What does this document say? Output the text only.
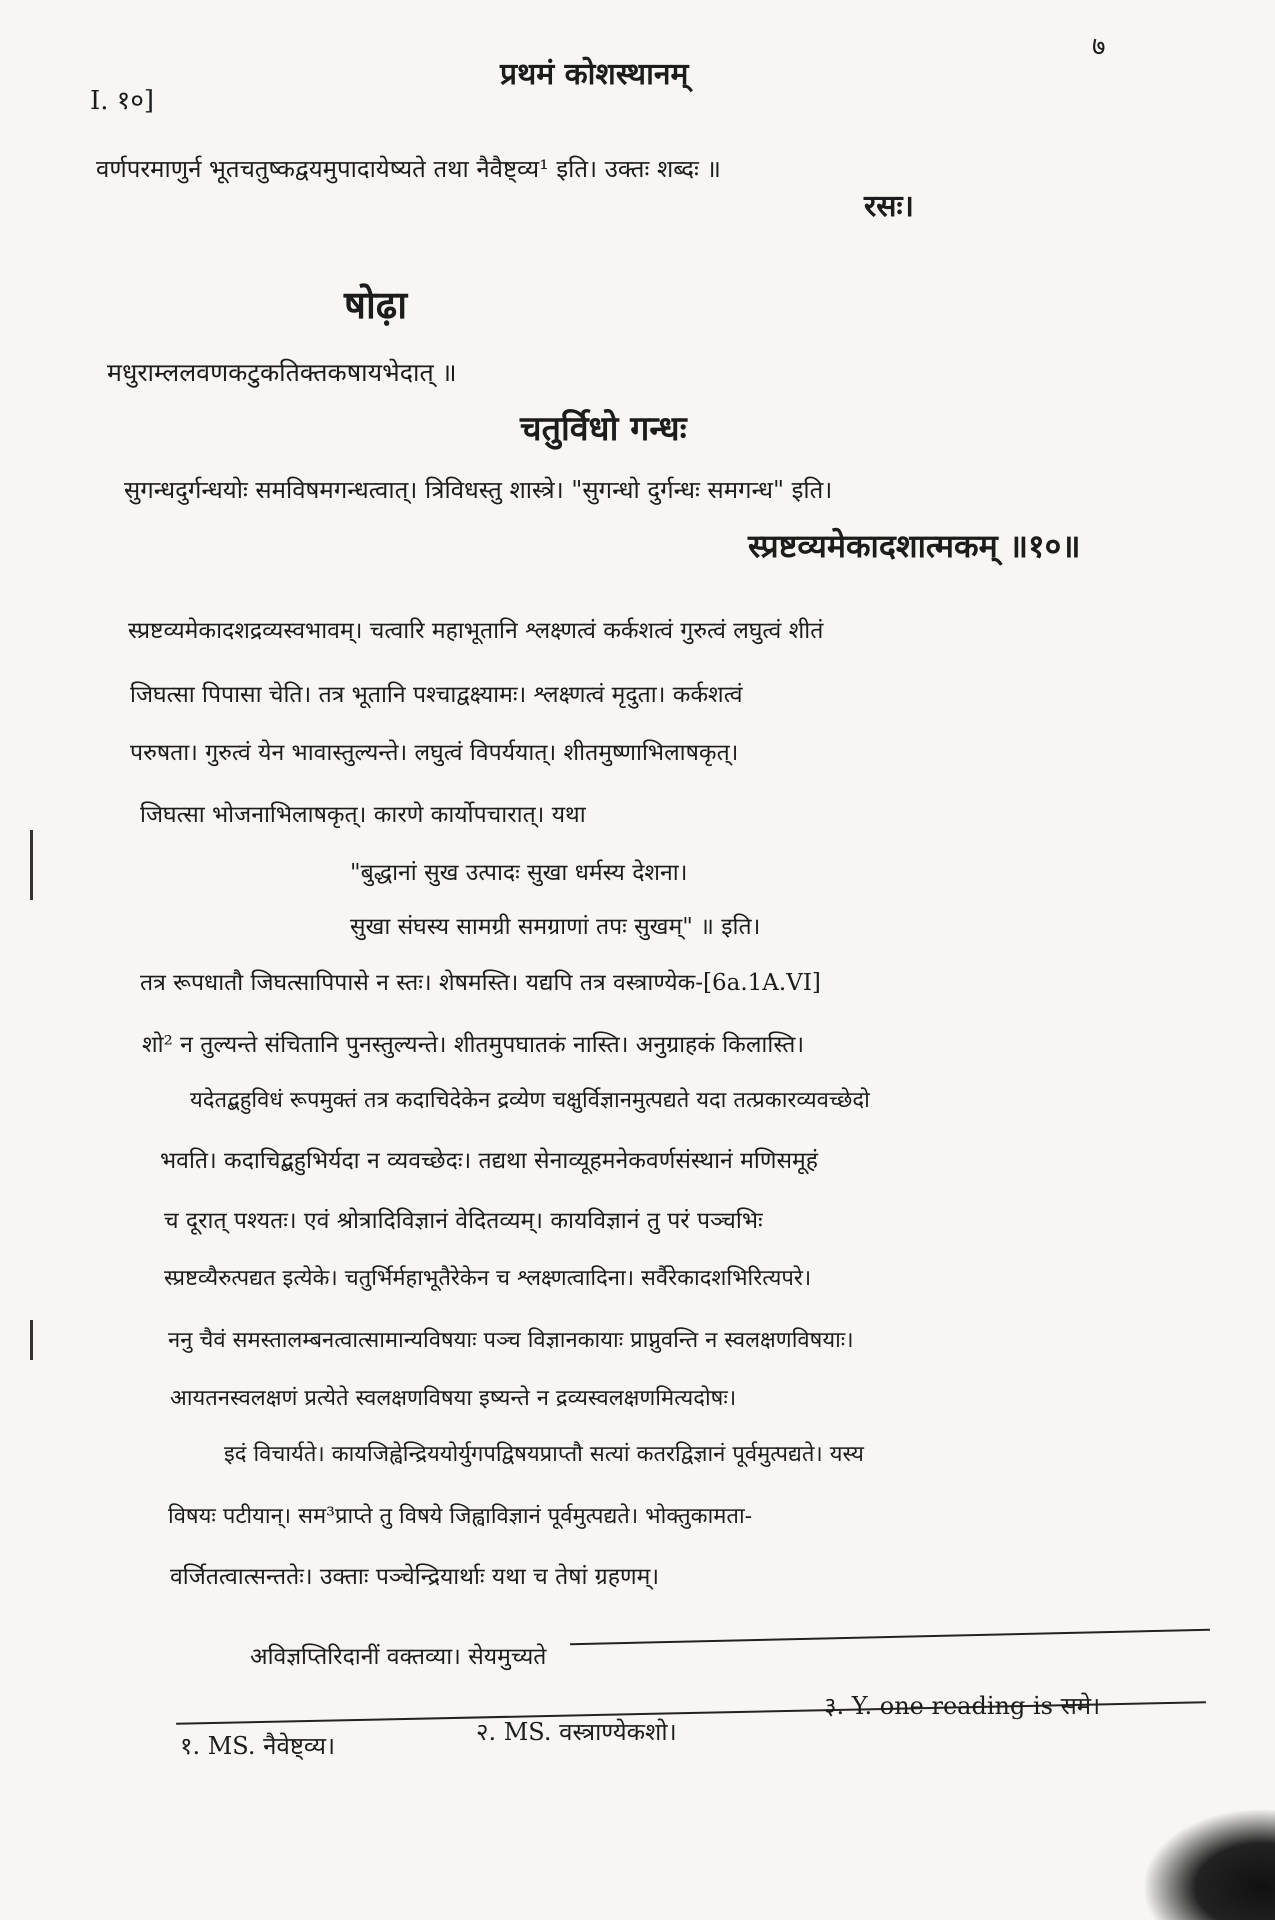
७
प्रथमं कोशस्थानम्
I. १०]
वर्णपरमाणुर्न भूतचतुष्कद्वयमुपादायेष्यते तथा नैवैष्ट्व्य¹ इति। उक्तः शब्दः ॥
रसः।
षोढ़ा
मधुराम्ललवणकटुकतिक्तकषायभेदात् ॥
चतुर्विधो गन्धः
सुगन्धदुर्गन्धयोः समविषमगन्धत्वात्। त्रिविधस्तु शास्त्रे। "सुगन्धो दुर्गन्धः समगन्ध" इति।
स्प्रष्टव्यमेकादशात्मकम् ॥१०॥
स्प्रष्टव्यमेकादशद्रव्यस्वभावम्। चत्वारि महाभूतानि श्लक्ष्णत्वं कर्कशत्वं गुरुत्वं लघुत्वं शीतं
जिघत्सा पिपासा चेति। तत्र भूतानि पश्चाद्वक्ष्यामः। श्लक्ष्णत्वं मृदुता। कर्कशत्वं
परुषता। गुरुत्वं येन भावास्तुल्यन्ते। लघुत्वं विपर्ययात्। शीतमुष्णाभिलाषकृत्।
जिघत्सा भोजनाभिलाषकृत्। कारणे कार्योपचारात्। यथा
"बुद्धानां सुख उत्पादः सुखा धर्मस्य देशना।
सुखा संघस्य सामग्री समग्राणां तपः सुखम्" ॥ इति।
तत्र रूपधातौ जिघत्सापिपासे न स्तः। शेषमस्ति। यद्यपि तत्र वस्त्राण्येक-[6a.1A.VI]
शो² न तुल्यन्ते संचितानि पुनस्तुल्यन्ते। शीतमुपघातकं नास्ति। अनुग्राहकं किलास्ति।
यदेतद्बहुविधं रूपमुक्तं तत्र कदाचिदेकेन द्रव्येण चक्षुर्विज्ञानमुत्पद्यते यदा तत्प्रकारव्यवच्छेदो
भवति। कदाचिद्बहुभिर्यदा न व्यवच्छेदः। तद्यथा सेनाव्यूहमनेकवर्णसंस्थानं मणिसमूहं
च दूरात् पश्यतः। एवं श्रोत्रादिविज्ञानं वेदितव्यम्। कायविज्ञानं तु परं पञ्चभिः
स्प्रष्टव्यैरुत्पद्यत इत्येके। चतुर्भिर्महाभूतैरेकेन च श्लक्ष्णत्वादिना। सर्वैरेकादशभिरित्यपरे।
ननु चैवं समस्तालम्बनत्वात्सामान्यविषयाः पञ्च विज्ञानकायाः प्राप्नुवन्ति न स्वलक्षणविषयाः।
आयतनस्वलक्षणं प्रत्येते स्वलक्षणविषया इष्यन्ते न द्रव्यस्वलक्षणमित्यदोषः।
इदं विचार्यते। कायजिह्वेन्द्रिययोर्युगपद्विषयप्राप्तौ सत्यां कतरद्विज्ञानं पूर्वमुत्पद्यते। यस्य
विषयः पटीयान्। सम³प्राप्ते तु विषये जिह्वाविज्ञानं पूर्वमुत्पद्यते। भोक्तुकामता-
वर्जितत्वात्सन्ततेः। उक्ताः पञ्चेन्द्रियार्थाः यथा च तेषां ग्रहणम्।
अविज्ञप्तिरिदानीं वक्तव्या। सेयमुच्यते
१. MS. नैवेष्ट्व्य।	२. MS. वस्त्राण्येकशो।
३. Y. one reading is समे।
